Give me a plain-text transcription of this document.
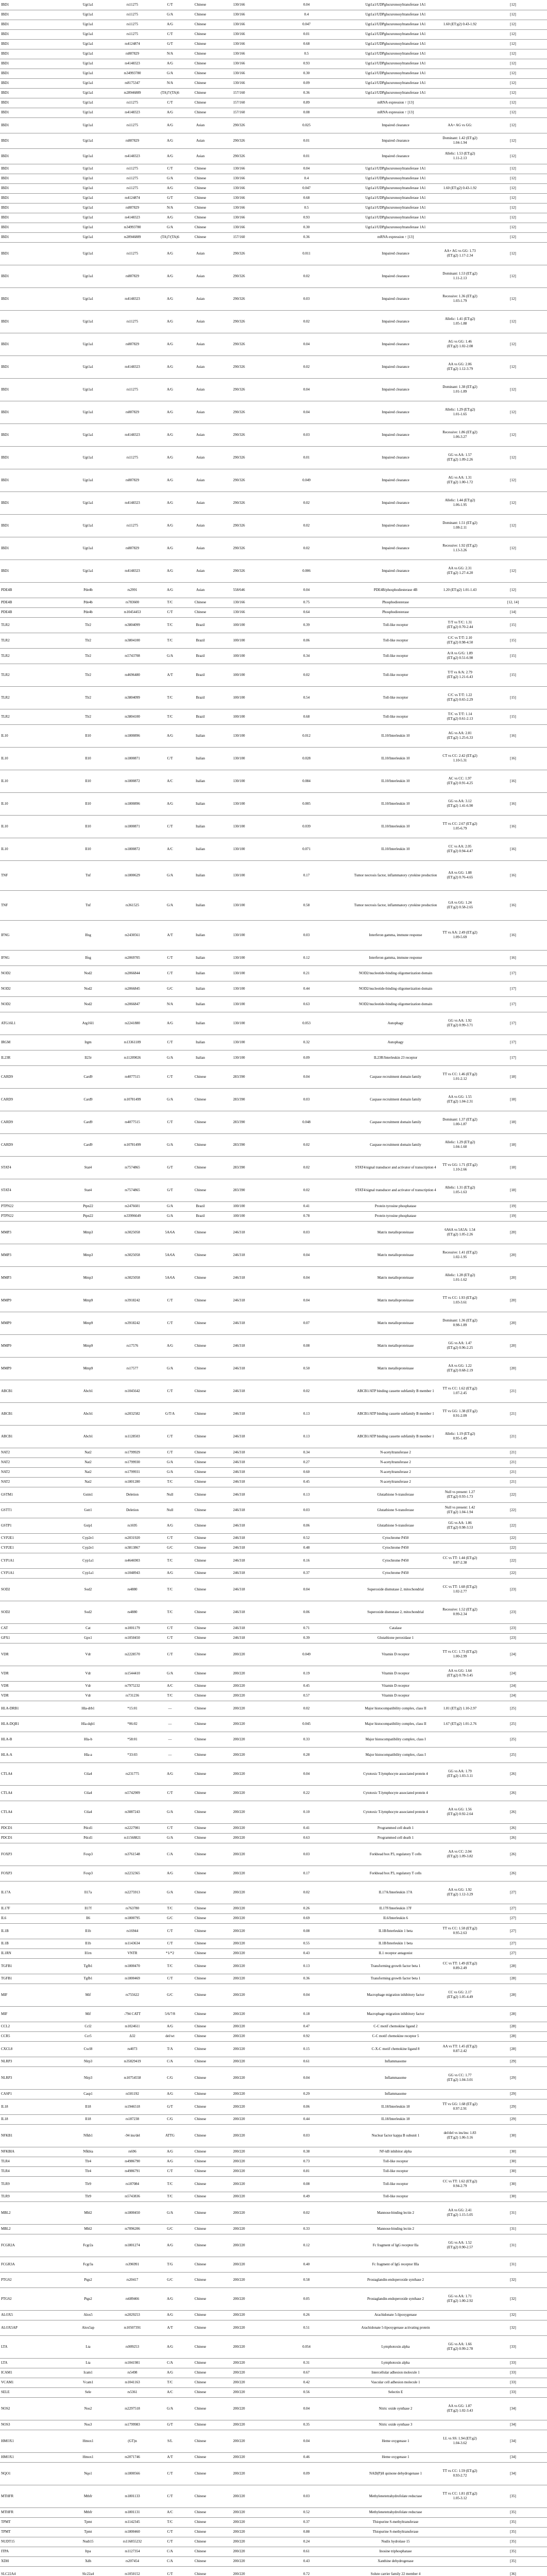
IBD1	Ugt1a1	rs11275	C/T	Chinese	130/166	0.04	Ugt1a1/UDPglucuronosyltransferase 1A1		[12]
IBD1	Ugt1a1	rs11275	G/A	Chinese	130/166	0.4	Ugt1a1/UDPglucuronosyltransferase 1A1		[12]
IBD1	Ugt1a1	rs11275	A/G	Chinese	130/166	0.047	Ugt1a1/UDPglucuronosyltransferase 1A1	1.60 (ET:g2) 0.43-1.92	[12]
IBD1	Ugt1a1	rs11275	C/T	Chinese	130/166	0.01	Ugt1a1/UDPglucuronosyltransferase 1A1		[12]
IBD1	Ugt1a1	rs4124874	G/T	Chinese	130/166	0.68	Ugt1a1/UDPglucuronosyltransferase 1A1		[12]
IBD1	Ugt1a1	rs887829	N/A	Chinese	130/166	0.5	Ugt1a1/UDPglucuronosyltransferase 1A1		[12]
IBD1	Ugt1a1	rs4148323	A/G	Chinese	130/166	0.93	Ugt1a1/UDPglucuronosyltransferase 1A1		[12]
IBD1	Ugt1a1	rs34993780	G/A	Chinese	130/166	0.30	Ugt1a1/UDPglucuronosyltransferase 1A1		[12]
IBD1	Ugt1a1	rs8175347	N/A	Chinese	130/166	0.09	Ugt1a1/UDPglucuronosyltransferase 1A1		[12]
IBD1	Ugt1a1	rs28946889	(TA)7/(TA)6	Chinese	157/160	0.36	Ugt1a1/UDPglucuronosyltransferase 1A1		[12]
IBD1	Ugt1a1	rs11275	C/T	Chinese	157/160	0.89	mRNA expression ↑ [13]		[12]
IBD1	Ugt1a1	rs4148323	A/G	Chinese	157/160	0.08	mRNA expression ↑ [13]		[12]
IBD1	Ugt1a1	rs11275	A/G	Asian	290/326	0.025	Impaired clearance	AA+ AG vs GG:	[12]
IBD1	Ugt1a1	rs887829	A/G	Asian	290/326	0.01	Impaired clearance	Dominant: 1.42 (ET:g2) 1.04-1.94	[12]
IBD1	Ugt1a1	rs4148323	A/G	Asian	290/326	0.01	Impaired clearance	Allelic: 1.53 (ET:g2) 1.11-2.13	[12]
IBD1	Ugt1a1	rs11275	C/T	Chinese	130/166	0.04	Ugt1a1/UDPglucuronosyltransferase 1A1		[12]
IBD1	Ugt1a1	rs11275	G/A	Chinese	130/166	0.4	Ugt1a1/UDPglucuronosyltransferase 1A1		[12]
IBD1	Ugt1a1	rs11275	A/G	Chinese	130/166	0.047	Ugt1a1/UDPglucuronosyltransferase 1A1	1.60 (ET:g2) 0.43-1.92	[12]
IBD1	Ugt1a1	rs4124874	G/T	Chinese	130/166	0.68	Ugt1a1/UDPglucuronosyltransferase 1A1		[12]
IBD1	Ugt1a1	rs887829	N/A	Chinese	130/166	0.5	Ugt1a1/UDPglucuronosyltransferase 1A1		[12]
IBD1	Ugt1a1	rs4148323	A/G	Chinese	130/166	0.93	Ugt1a1/UDPglucuronosyltransferase 1A1		[12]
IBD1	Ugt1a1	rs34993780	G/A	Chinese	130/166	0.30	Ugt1a1/UDPglucuronosyltransferase 1A1		[12]
IBD1	Ugt1a1	rs28946889	(TA)7/(TA)6	Chinese	157/160	0.36	mRNA expression ↑ [13]		[12]
IBD1	Ugt1a1	rs11275	A/G	Asian	290/326	0.011	Impaired clearance	AA+ AG vs GG: 1.73 (ET:g2) 1.17-2.34	[12]
IBD1	Ugt1a1	rs887829	A/G	Asian	290/326	0.02	Impaired clearance	Dominant: 1.53 (ET:g2) 1.11-2.13	[12]
IBD1	Ugt1a1	rs4148323	A/G	Asian	290/326	0.03	Impaired clearance	Recessive: 1.36 (ET:g2) 1.03-1.79	[12]
IBD1	Ugt1a1	rs11275	A/G	Asian	290/326	0.02	Impaired clearance	Allelic: 1.41 (ET:g2) 1.05-1.88	[12]
IBD1	Ugt1a1	rs887829	A/G	Asian	290/326	0.04	Impaired clearance	AG vs GG: 1.46 (ET:g2) 1.02-2.08	[12]
IBD1	Ugt1a1	rs4148323	A/G	Asian	290/326	0.02	Impaired clearance	AA vs GG: 2.06 (ET:g2) 1.12-3.79	[12]
IBD1	Ugt1a1	rs11275	A/G	Asian	290/326	0.04	Impaired clearance	Dominant: 1.38 (ET:g2) 1.01-1.89	[12]
IBD1	Ugt1a1	rs887829	A/G	Asian	290/326	0.04	Impaired clearance	Allelic: 1.29 (ET:g2) 1.01-1.65	[12]
IBD1	Ugt1a1	rs4148323	A/G	Asian	290/326	0.03	Impaired clearance	Recessive: 1.86 (ET:g2) 1.06-3.27	[12]
IBD1	Ugt1a1	rs11275	A/G	Asian	290/326	0.01	Impaired clearance	GG vs AA: 1.57 (ET:g2) 1.09-2.26	[12]
IBD1	Ugt1a1	rs887829	A/G	Asian	290/326	0.049	Impaired clearance	AG vs AA: 1.31 (ET:g2) 1.00-1.72	[12]
IBD1	Ugt1a1	rs4148323	A/G	Asian	290/326	0.02	Impaired clearance	Allelic: 1.44 (ET:g2) 1.06-1.95	[12]
IBD1	Ugt1a1	rs11275	A/G	Asian	290/326	0.02	Impaired clearance	Dominant: 1.51 (ET:g2) 1.08-2.11	[12]
IBD1	Ugt1a1	rs887829	A/G	Asian	290/326	0.02	Impaired clearance	Recessive: 1.92 (ET:g2) 1.13-3.26	[12]
IBD1	Ugt1a1	rs4148323	A/G	Asian	290/326	0.006	Impaired clearance	AA vs GG: 2.31 (ET:g2) 1.27-4.20	[12]
PDE4B	Pde4b	rs2991	A/G	Asian	558/646	0.04	PDE4B/phosphodiesterase 4B	1.20 (ET:g2) 1.01-1.43	[12]
PDE4B	Pde4b	rs783600	T/C	Chinese	130/166	0.75	Phosphodiesterase		[12, 14]
PDE4B	Pde4b	rs10454453	C/T	Chinese	130/166	0.64	Phosphodiesterase		[14]
TLR2	Tlr2	rs3804099	T/C	Brazil	100/100	0.39	Toll-like receptor	T/T vs T/C: 1.31 (ET:g2) 0.70-2.44	[15]
TLR2	Tlr2	rs3804100	T/C	Brazil	100/100	0.06	Toll-like receptor	C/C vs T/T: 2.10 (ET:g2) 0.98-4.50	[15]
TLR2	Tlr2	rs5743708	G/A	Brazil	100/100	0.34	Toll-like receptor	A/A vs G/G: 1.89 (ET:g2) 0.51-6.98	[15]
TLR2	Tlr2	rs4696480	A/T	Brazil	100/100	0.02	Toll-like receptor	T/T vs A/A: 2.79 (ET:g2) 1.21-6.43	[15]
TLR2	Tlr2	rs3804099	T/C	Brazil	100/100	0.54	Toll-like receptor	C/C vs T/T: 1.22 (ET:g2) 0.65-2.29	[15]
TLR2	Tlr2	rs3804100	T/C	Brazil	100/100	0.68	Toll-like receptor	T/C vs T/T: 1.14 (ET:g2) 0.61-2.13	[15]
IL10	Il10	rs1800896	A/G	Italian	130/100	0.012	IL10/Interleukin 10	AG vs AA: 2.81 (ET:g2) 1.25-6.33	[16]
IL10	Il10	rs1800871	C/T	Italian	130/100	0.028	IL10/Interleukin 10	CT vs CC: 2.42 (ET:g2) 1.10-5.31	[16]
IL10	Il10	rs1800872	A/C	Italian	130/100	0.084	IL10/Interleukin 10	AC vs CC: 1.97 (ET:g2) 0.91-4.25	[16]
IL10	Il10	rs1800896	A/G	Italian	130/100	0.005	IL10/Interleukin 10	GG vs AA: 3.12 (ET:g2) 1.41-6.90	[16]
IL10	Il10	rs1800871	C/T	Italian	130/100	0.039	IL10/Interleukin 10	TT vs CC: 2.67 (ET:g2) 1.05-6.79	[16]
IL10	Il10	rs1800872	A/C	Italian	130/100	0.071	IL10/Interleukin 10	CC vs AA: 2.05 (ET:g2) 0.94-4.47	[16]
TNF	Tnf	rs1800629	G/A	Italian	130/100	0.17	Tumor necrosis factor, inflammatory cytokine production	AA vs GG: 1.88 (ET:g2) 0.76-4.65	[16]
TNF	Tnf	rs361525	G/A	Italian	130/100	0.58	Tumor necrosis factor, inflammatory cytokine production	GA vs GG: 1.24 (ET:g2) 0.58-2.65	[16]
IFNG	Ifng	rs2430561	A/T	Italian	130/100	0.03	Interferon gamma, immune response	TT vs AA: 2.49 (ET:g2) 1.09-5.69	[16]
IFNG	Ifng	rs2069705	C/T	Italian	130/100	0.12	Interferon gamma, immune response		[16]
NOD2	Nod2	rs2066844	C/T	Italian	130/100	0.21	NOD2/nucleotide-binding oligomerization domain		[17]
NOD2	Nod2	rs2066845	G/C	Italian	130/100	0.44	NOD2/nucleotide-binding oligomerization domain		[17]
NOD2	Nod2	rs2066847	N/A	Italian	130/100	0.63	NOD2/nucleotide-binding oligomerization domain		[17]
ATG16L1	Atg16l1	rs2241880	A/G	Italian	130/100	0.053	Autophagy	GG vs AA: 1.92 (ET:g2) 0.99-3.71	[17]
IRGM	Irgm	rs13361189	C/T	Italian	130/100	0.32	Autophagy		[17]
IL23R	Il23r	rs11209026	G/A	Italian	130/100	0.09	IL23R/Interleukin 23 receptor		[17]
CARD9	Card9	rs4077515	C/T	Chinese	283/390	0.04	Caspase recruitment domain family	TT vs CC: 1.46 (ET:g2) 1.01-2.12	[18]
CARD9	Card9	rs10781499	G/A	Chinese	283/390	0.03	Caspase recruitment domain family	AA vs GG: 1.55 (ET:g2) 1.04-2.31	[18]
CARD9	Card9	rs4077515	C/T	Chinese	283/390	0.048	Caspase recruitment domain family	Dominant: 1.37 (ET:g2) 1.00-1.87	[18]
CARD9	Card9	rs10781499	G/A	Chinese	283/390	0.02	Caspase recruitment domain family	Allelic: 1.29 (ET:g2) 1.04-1.60	[18]
STAT4	Stat4	rs7574865	G/T	Chinese	283/390	0.02	STAT4/signal transducer and activator of transcription 4	TT vs GG: 1.71 (ET:g2) 1.10-2.66	[18]
STAT4	Stat4	rs7574865	G/T	Chinese	283/390	0.02	STAT4/signal transducer and activator of transcription 4	Allelic: 1.31 (ET:g2) 1.05-1.63	[18]
PTPN22	Ptpn22	rs2476601	G/A	Brazil	100/100	0.41	Protein tyrosine phosphatase		[19]
PTPN22	Ptpn22	rs33996649	G/A	Brazil	100/100	0.78	Protein tyrosine phosphatase		[19]
MMP3	Mmp3	rs3025058	5A/6A	Chinese	246/318	0.03	Matrix metalloproteinase	6A6A vs 5A5A: 1.54 (ET:g2) 1.05-2.26	[20]
MMP3	Mmp3	rs3025058	5A/6A	Chinese	246/318	0.04	Matrix metalloproteinase	Recessive: 1.41 (ET:g2) 1.02-1.95	[20]
MMP3	Mmp3	rs3025058	5A/6A	Chinese	246/318	0.04	Matrix metalloproteinase	Allelic: 1.28 (ET:g2) 1.01-1.62	[20]
MMP9	Mmp9	rs3918242	C/T	Chinese	246/318	0.04	Matrix metalloproteinase	TT vs CC: 1.93 (ET:g2) 1.03-3.61	[20]
MMP9	Mmp9	rs3918242	C/T	Chinese	246/318	0.07	Matrix metalloproteinase	Dominant: 1.36 (ET:g2) 0.98-1.89	[20]
MMP9	Mmp9	rs17576	A/G	Chinese	246/318	0.08	Matrix metalloproteinase	GG vs AA: 1.47 (ET:g2) 0.96-2.25	[20]
MMP9	Mmp9	rs17577	G/A	Chinese	246/318	0.50	Matrix metalloproteinase	AA vs GG: 1.22 (ET:g2) 0.68-2.19	[20]
ABCB1	Abcb1	rs1045642	C/T	Chinese	246/318	0.02	ABCB1/ATP binding cassette subfamily B member 1	TT vs CC: 1.62 (ET:g2) 1.07-2.45	[21]
ABCB1	Abcb1	rs2032582	G/T/A	Chinese	246/318	0.13	ABCB1/ATP binding cassette subfamily B member 1	TT vs GG: 1.38 (ET:g2) 0.91-2.09	[21]
ABCB1	Abcb1	rs1128503	C/T	Chinese	246/318	0.13	ABCB1/ATP binding cassette subfamily B member 1	Allelic: 1.19 (ET:g2) 0.95-1.49	[21]
NAT2	Nat2	rs1799929	C/T	Chinese	246/318	0.34	N-acetyltransferase 2		[21]
NAT2	Nat2	rs1799930	G/A	Chinese	246/318	0.27	N-acetyltransferase 2		[21]
NAT2	Nat2	rs1799931	G/A	Chinese	246/318	0.60	N-acetyltransferase 2		[21]
NAT2	Nat2	rs1801280	T/C	Chinese	246/318	0.45	N-acetyltransferase 2		[21]
GSTM1	Gstm1	Deletion	Null	Chinese	246/318	0.13	Glutathione S-transferase	Null vs present: 1.27 (ET:g2) 0.93-1.73	[22]
GSTT1	Gstt1	Deletion	Null	Chinese	246/318	0.03	Glutathione S-transferase	Null vs present: 1.42 (ET:g2) 1.04-1.94	[22]
GSTP1	Gstp1	rs1695	A/G	Chinese	246/318	0.06	Glutathione S-transferase	GG vs AA: 1.86 (ET:g2) 0.98-3.53	[22]
CYP2E1	Cyp2e1	rs2031920	C/T	Chinese	246/318	0.52	Cytochrome P450		[22]
CYP2E1	Cyp2e1	rs3813867	G/C	Chinese	246/318	0.48	Cytochrome P450		[22]
CYP1A1	Cyp1a1	rs4646903	T/C	Chinese	246/318	0.16	Cytochrome P450	CC vs TT: 1.44 (ET:g2) 0.87-2.38	[22]
CYP1A1	Cyp1a1	rs1048943	A/G	Chinese	246/318	0.37	Cytochrome P450		[22]
SOD2	Sod2	rs4880	T/C	Chinese	246/318	0.04	Superoxide dismutase 2, mitochondrial	CC vs TT: 1.68 (ET:g2) 1.02-2.77	[23]
SOD2	Sod2	rs4880	T/C	Chinese	246/318	0.06	Superoxide dismutase 2, mitochondrial	Recessive: 1.52 (ET:g2) 0.99-2.34	[23]
CAT	Cat	rs1001179	C/T	Chinese	246/318	0.71	Catalase		[23]
GPX1	Gpx1	rs1050450	C/T	Chinese	246/318	0.39	Glutathione peroxidase 1		[23]
VDR	Vdr	rs2228570	C/T	Chinese	200/220	0.049	Vitamin D receptor	TT vs CC: 1.73 (ET:g2) 1.00-2.99	[24]
VDR	Vdr	rs1544410	G/A	Chinese	200/220	0.19	Vitamin D receptor	AA vs GG: 1.64 (ET:g2) 0.78-3.45	[24]
VDR	Vdr	rs7975232	A/C	Chinese	200/220	0.45	Vitamin D receptor		[24]
VDR	Vdr	rs731236	T/C	Chinese	200/220	0.57	Vitamin D receptor		[24]
HLA-DRB1	Hla-drb1	*15:01	—	Chinese	200/220	0.02	Major histocompatibility complex, class II	1.81 (ET:g2) 1.10-2.97	[25]
HLA-DQB1	Hla-dqb1	*06:02	—	Chinese	200/220	0.045	Major histocompatibility complex, class II	1.67 (ET:g2) 1.01-2.76	[25]
HLA-B	Hla-b	*58:01	—	Chinese	200/220	0.33	Major histocompatibility complex, class I		[25]
HLA-A	Hla-a	*33:03	—	Chinese	200/220	0.28	Major histocompatibility complex, class I		[25]
CTLA4	Ctla4	rs231775	A/G	Chinese	200/220	0.04	Cytotoxic T-lymphocyte associated protein 4	GG vs AA: 1.79 (ET:g2) 1.03-3.11	[26]
CTLA4	Ctla4	rs5742909	C/T	Chinese	200/220	0.22	Cytotoxic T-lymphocyte associated protein 4		[26]
CTLA4	Ctla4	rs3087243	G/A	Chinese	200/220	0.10	Cytotoxic T-lymphocyte associated protein 4	AA vs GG: 1.56 (ET:g2) 0.92-2.64	[26]
PDCD1	Pdcd1	rs2227981	C/T	Chinese	200/220	0.41	Programmed cell death 1		[26]
PDCD1	Pdcd1	rs11568821	G/A	Chinese	200/220	0.63	Programmed cell death 1		[26]
FOXP3	Foxp3	rs3761548	C/A	Chinese	200/220	0.03	Forkhead box P3, regulatory T cells	AA vs CC: 2.04 (ET:g2) 1.09-3.82	[26]
FOXP3	Foxp3	rs2232365	A/G	Chinese	200/220	0.17	Forkhead box P3, regulatory T cells		[26]
IL17A	Il17a	rs2275913	G/A	Chinese	200/220	0.02	IL17A/Interleukin 17A	AA vs GG: 1.92 (ET:g2) 1.12-3.29	[27]
IL17F	Il17f	rs763780	T/C	Chinese	200/220	0.26	IL17F/Interleukin 17F		[27]
IL6	Il6	rs1800795	G/C	Chinese	200/220	0.69	IL6/Interleukin 6		[27]
IL1B	Il1b	rs16944	C/T	Chinese	200/220	0.08	IL1B/Interleukin 1 beta	TT vs CC: 1.58 (ET:g2) 0.95-2.63	[27]
IL1B	Il1b	rs1143634	C/T	Chinese	200/220	0.55	IL1B/Interleukin 1 beta		[27]
IL1RN	Il1rn	VNTR	*1/*2	Chinese	200/220	0.43	IL1 receptor antagonist		[27]
TGFB1	Tgfb1	rs1800470	T/C	Chinese	200/220	0.13	Transforming growth factor beta 1	CC vs TT: 1.49 (ET:g2) 0.89-2.49	[28]
TGFB1	Tgfb1	rs1800469	C/T	Chinese	200/220	0.36	Transforming growth factor beta 1		[28]
MIF	Mif	rs755622	G/C	Chinese	200/220	0.04	Macrophage migration inhibitory factor	CC vs GG: 2.17 (ET:g2) 1.05-4.49	[28]
MIF	Mif	-794 CATT	5/6/7/8	Chinese	200/220	0.18	Macrophage migration inhibitory factor		[28]
CCL2	Ccl2	rs1024611	A/G	Chinese	200/220	0.47	C-C motif chemokine ligand 2		[28]
CCR5	Ccr5	Δ32	del/wt	Chinese	200/220	0.92	C-C motif chemokine receptor 5		[28]
CXCL8	Cxcl8	rs4073	T/A	Chinese	200/220	0.15	C-X-C motif chemokine ligand 8	AA vs TT: 1.45 (ET:g2) 0.87-2.42	[28]
NLRP3	Nlrp3	rs35829419	C/A	Chinese	200/220	0.61	Inflammasome		[29]
NLRP3	Nlrp3	rs10754558	C/G	Chinese	200/220	0.04	Inflammasome	GG vs CC: 1.77 (ET:g2) 1.04-3.01	[29]
CASP1	Casp1	rs501192	A/G	Chinese	200/220	0.29	Inflammasome		[29]
IL18	Il18	rs1946518	G/T	Chinese	200/220	0.06	IL18/Interleukin 18	TT vs GG: 1.68 (ET:g2) 0.97-2.91	[29]
IL18	Il18	rs187238	C/G	Chinese	200/220	0.44	IL18/Interleukin 18		[29]
NFKB1	Nfkb1	-94 ins/del	ATTG	Chinese	200/220	0.03	Nuclear factor kappa B subunit 1	del/del vs ins/ins: 1.83 (ET:g2) 1.06-3.16	[30]
NFKBIA	Nfkbia	rs696	A/G	Chinese	200/220	0.38	NF-kB inhibitor alpha		[30]
TLR4	Tlr4	rs4986790	A/G	Chinese	200/220	0.73	Toll-like receptor		[30]
TLR4	Tlr4	rs4986791	C/T	Chinese	200/220	0.81	Toll-like receptor		[30]
TLR9	Tlr9	rs187084	T/C	Chinese	200/220	0.08	Toll-like receptor	CC vs TT: 1.62 (ET:g2) 0.94-2.79	[30]
TLR9	Tlr9	rs5743836	T/C	Chinese	200/220	0.49	Toll-like receptor		[30]
MBL2	Mbl2	rs1800450	G/A	Chinese	200/220	0.02	Mannose-binding lectin 2	AA vs GG: 2.41 (ET:g2) 1.15-5.05	[31]
MBL2	Mbl2	rs7096206	G/C	Chinese	200/220	0.33	Mannose-binding lectin 2		[31]
FCGR2A	Fcgr2a	rs1801274	A/G	Chinese	200/220	0.12	Fc fragment of IgG receptor IIa	GG vs AA: 1.52 (ET:g2) 0.90-2.57	[31]
FCGR3A	Fcgr3a	rs396991	T/G	Chinese	200/220	0.40	Fc fragment of IgG receptor IIIa		[31]
PTGS2	Ptgs2	rs20417	G/C	Chinese	200/220	0.58	Prostaglandin-endoperoxide synthase 2		[32]
PTGS2	Ptgs2	rs689466	A/G	Chinese	200/220	0.05	Prostaglandin-endoperoxide synthase 2	GG vs AA: 1.71 (ET:g2) 1.00-2.92	[32]
ALOX5	Alox5	rs2029253	A/G	Chinese	200/220	0.26	Arachidonate 5-lipoxygenase		[32]
ALOX5AP	Alox5ap	rs10507391	A/T	Chinese	200/220	0.51	Arachidonate 5-lipoxygenase activating protein		[32]
LTA	Lta	rs909253	A/G	Chinese	200/220	0.054	Lymphotoxin alpha	GG vs AA: 1.66 (ET:g2) 0.99-2.78	[33]
LTA	Lta	rs1041981	C/A	Chinese	200/220	0.31	Lymphotoxin alpha		[33]
ICAM1	Icam1	rs5498	A/G	Chinese	200/220	0.67	Intercellular adhesion molecule 1		[33]
VCAM1	Vcam1	rs1041163	T/C	Chinese	200/220	0.42	Vascular cell adhesion molecule 1		[33]
SELE	Sele	rs5361	A/C	Chinese	200/220	0.56	Selectin E		[33]
NOS2	Nos2	rs2297518	G/A	Chinese	200/220	0.04	Nitric oxide synthase 2	AA vs GG: 1.87 (ET:g2) 1.02-3.43	[34]
NOS3	Nos3	rs1799983	G/T	Chinese	200/220	0.35	Nitric oxide synthase 3		[34]
HMOX1	Hmox1	(GT)n	S/L	Chinese	200/220	0.04	Heme oxygenase 1	LL vs SS: 1.94 (ET:g2) 1.04-3.62	[34]
HMOX1	Hmox1	rs2071746	A/T	Chinese	200/220	0.46	Heme oxygenase 1		[34]
NQO1	Nqo1	rs1800566	C/T	Chinese	200/220	0.09	NAD(P)H quinone dehydrogenase 1	TT vs CC: 1.59 (ET:g2) 0.93-2.72	[34]
MTHFR	Mthfr	rs1801133	C/T	Chinese	200/220	0.03	Methylenetetrahydrofolate reductase	TT vs CC: 1.81 (ET:g2) 1.05-3.12	[35]
MTHFR	Mthfr	rs1801131	A/C	Chinese	200/220	0.52	Methylenetetrahydrofolate reductase		[35]
TPMT	Tpmt	rs1142345	T/C	Chinese	200/220	0.37	Thiopurine S-methyltransferase		[35]
TPMT	Tpmt	rs1800460	C/T	Chinese	200/220	0.88	Thiopurine S-methyltransferase		[35]
NUDT15	Nudt15	rs116855232	C/T	Chinese	200/220	0.24	Nudix hydrolase 15		[35]
ITPA	Itpa	rs1127354	C/A	Chinese	200/220	0.61	Inosine triphosphatase		[35]
XDH	Xdh	rs207454	C/A	Chinese	200/220	0.43	Xanthine dehydrogenase		[35]
SLC22A4	Slc22a4	rs1050152	C/T	Chinese	200/220	0.72	Solute carrier family 22 member 4		[36]
